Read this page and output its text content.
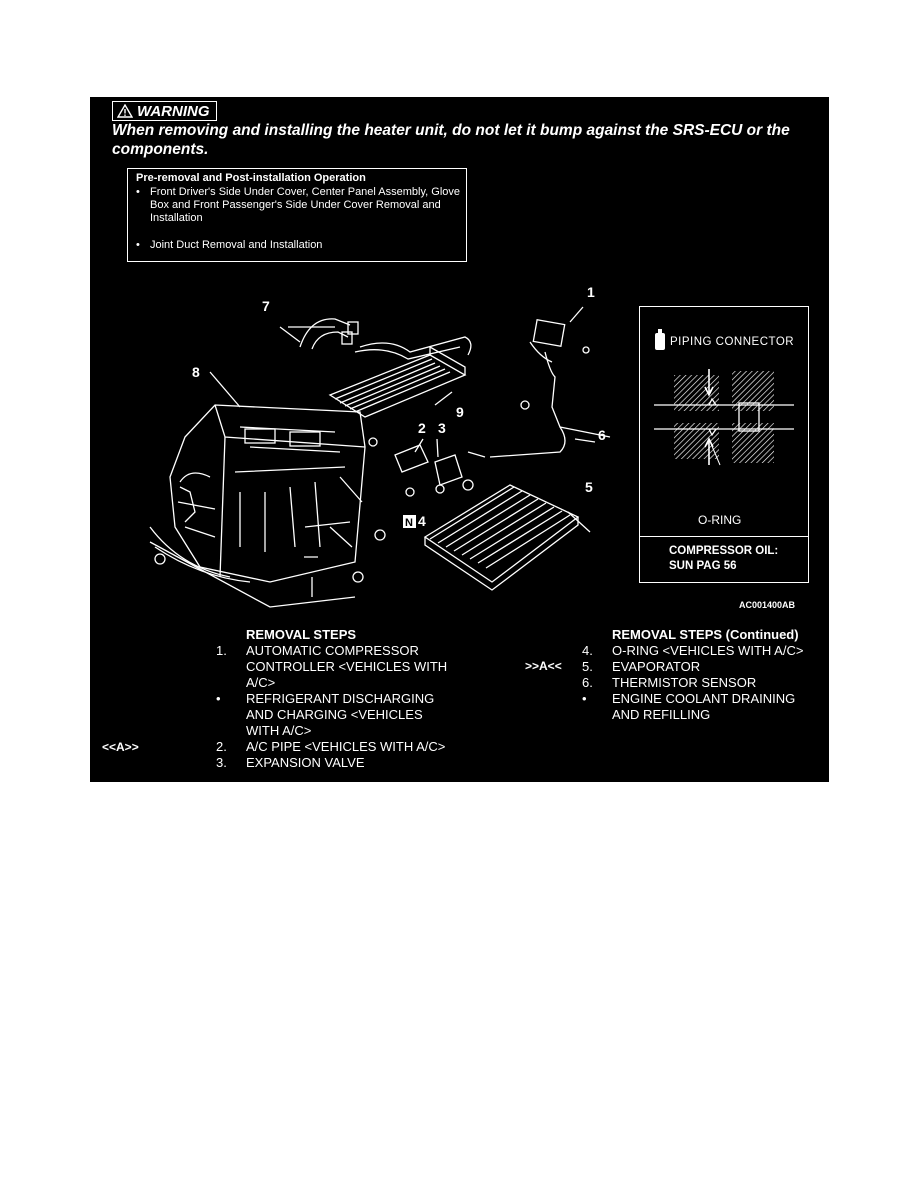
WARNING
When removing and installing the heater unit, do not let it bump against the SRS-ECU or the components.
Pre-removal and Post-installation Operation
• Front Driver's Side Under Cover, Center Panel Assembly, Glove Box and Front Passenger's Side Under Cover Removal and Installation
• Joint Duct Removal and Installation
1
2 3
4
5
6
7
8
9
N
PIPING CONNECTOR
O-RING
COMPRESSOR OIL: SUN PAG 56
AC001400AB
REMOVAL STEPS
1. AUTOMATIC COMPRESSOR CONTROLLER <VEHICLES WITH A/C>
• REFRIGERANT DISCHARGING AND CHARGING <VEHICLES WITH A/C>
<<A>>	2. A/C PIPE <VEHICLES WITH A/C>
3. EXPANSION VALVE
REMOVAL STEPS (Continued)
4. O-RING <VEHICLES WITH A/C>
>>A<< 5. EVAPORATOR
6. THERMISTOR SENSOR
• ENGINE COOLANT DRAINING AND REFILLING
